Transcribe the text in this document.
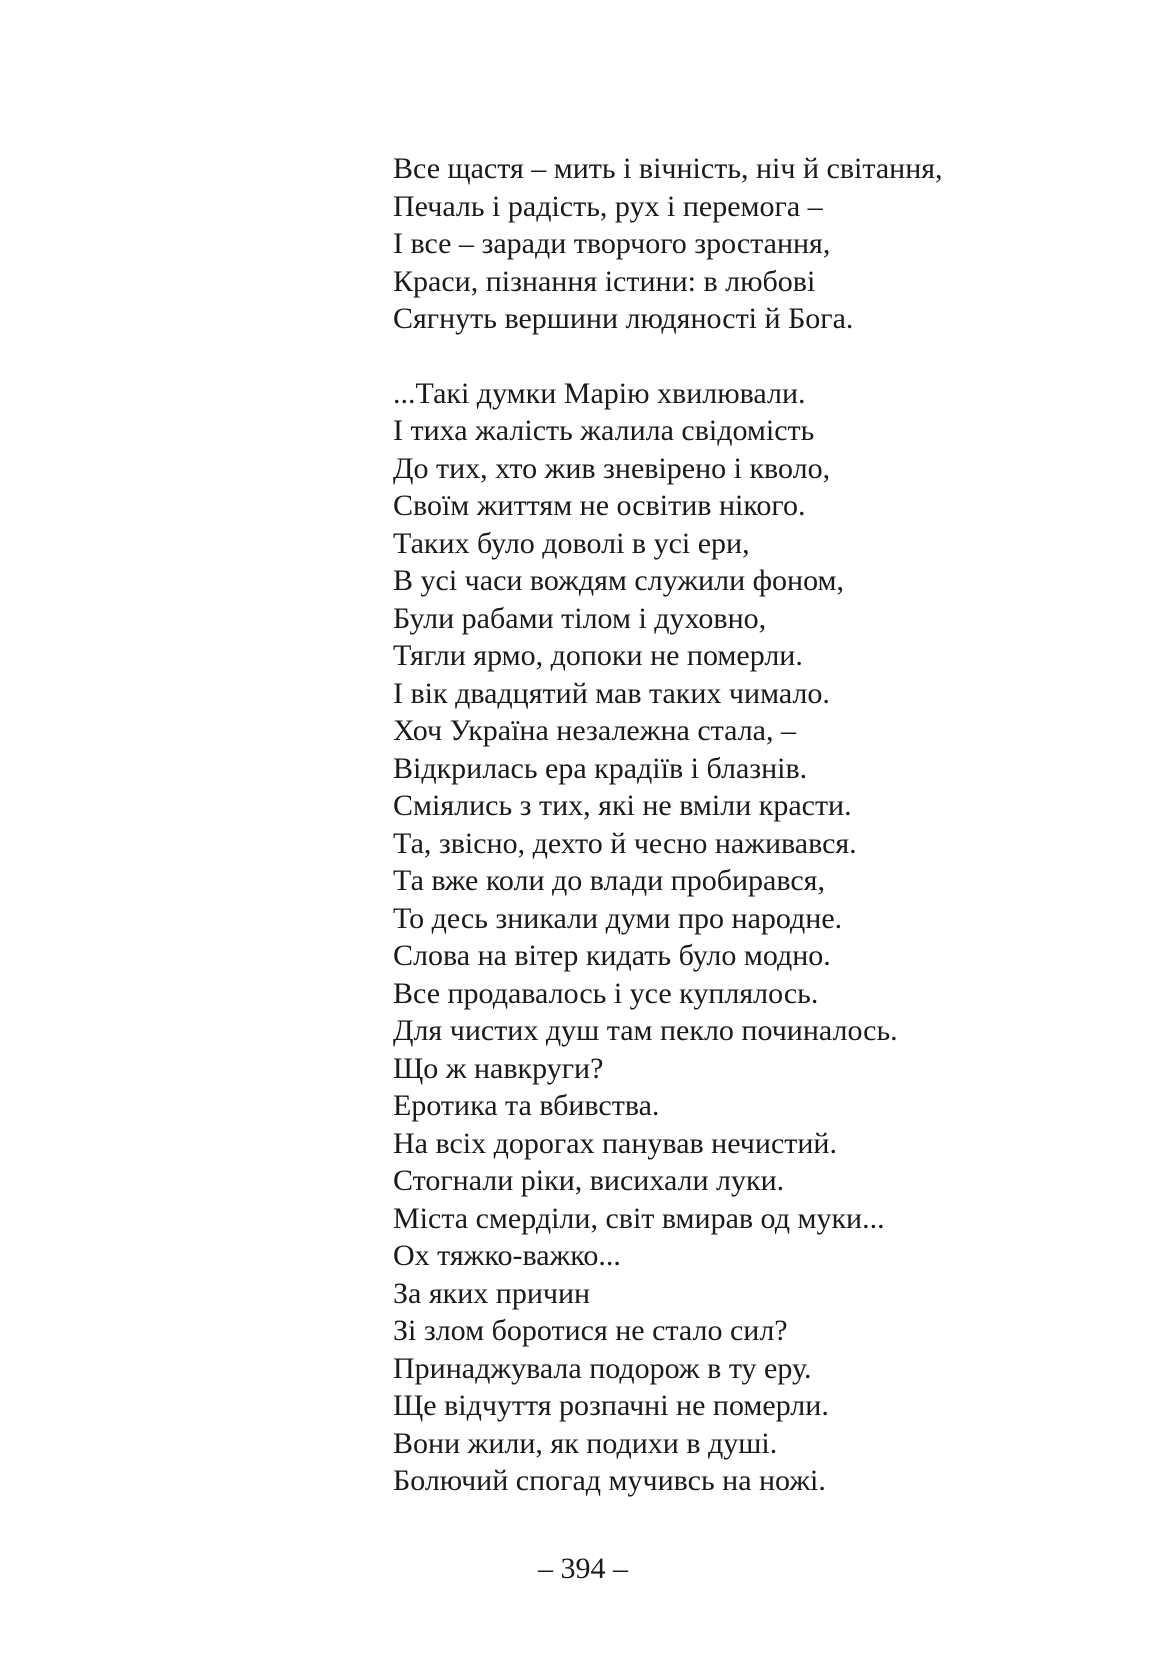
Все щастя – мить і вічність, ніч й світання,
Печаль і радість, рух і перемога –
І все – заради творчого зростання,
Краси, пізнання істини: в любові
Сягнуть вершини людяності й Бога.
...Такі думки Марію хвилювали.
І тиха жалість жалила свідомість
До тих, хто жив зневірено і кволо,
Своїм життям не освітив нікого.
Таких було доволі в усі ери,
В усі часи вождям служили фоном,
Були рабами тілом і духовно,
Тягли ярмо, допоки не померли.
І вік двадцятий мав таких чимало.
Хоч Україна незалежна стала, –
Відкрилась ера крадіїв і блазнів.
Сміялись з тих, які не вміли красти.
Та, звісно, дехто й чесно наживався.
Та вже коли до влади пробирався,
То десь зникали думи про народне.
Слова на вітер кидать було модно.
Все продавалось і усе куплялось.
Для чистих душ там пекло починалось.
Що ж навкруги?
Еротика та вбивства.
На всіх дорогах панував нечистий.
Стогнали ріки, висихали луки.
Міста смерділи, світ вмирав од муки...
Ох тяжко-важко...
За яких причин
Зі злом боротися не стало сил?
Принаджувала подорож в ту еру.
Ще відчуття розпачні не померли.
Вони жили, як подихи в душі.
Болючий спогад мучивсь на ножі.
– 394 –
